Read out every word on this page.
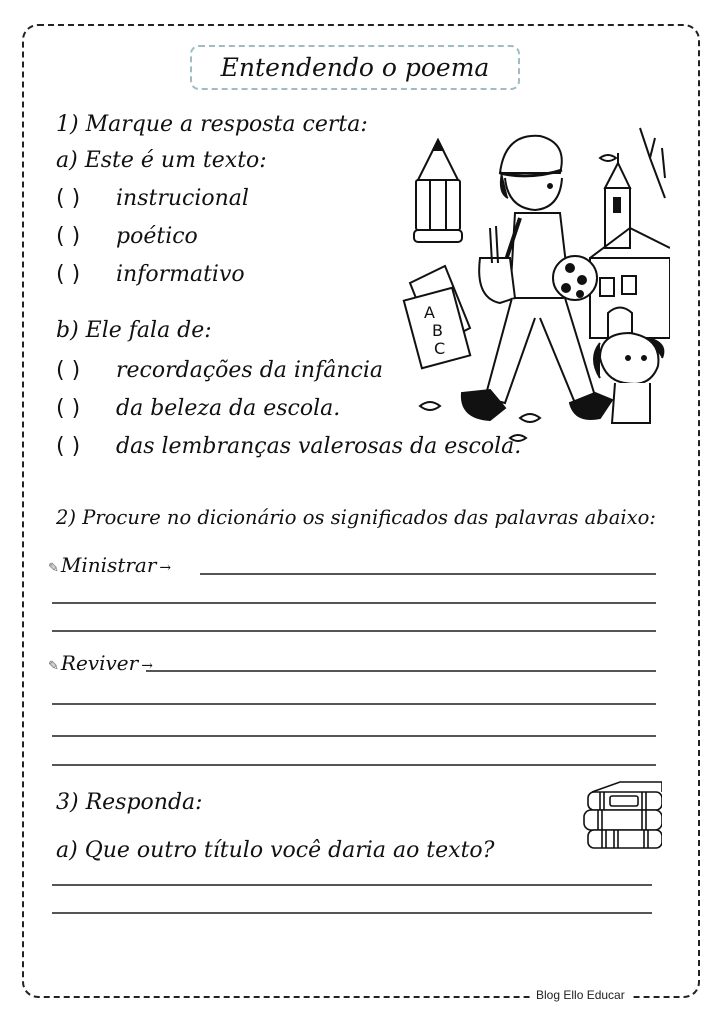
Blog Ello Educar
Entendendo o poema
1) Marque a resposta certa:
a) Este é um texto:
( )	instrucional
( )	poético
( )	informativo
b) Ele fala de:
( )	recordações da infância
( )	da beleza da escola.
( )	das lembranças valerosas da escola.
A
B
C
2) Procure no dicionário os significados das palavras abaixo:
✎ Ministrar →
✎ Reviver →
3) Responda:
a) Que outro título você daria ao texto?
